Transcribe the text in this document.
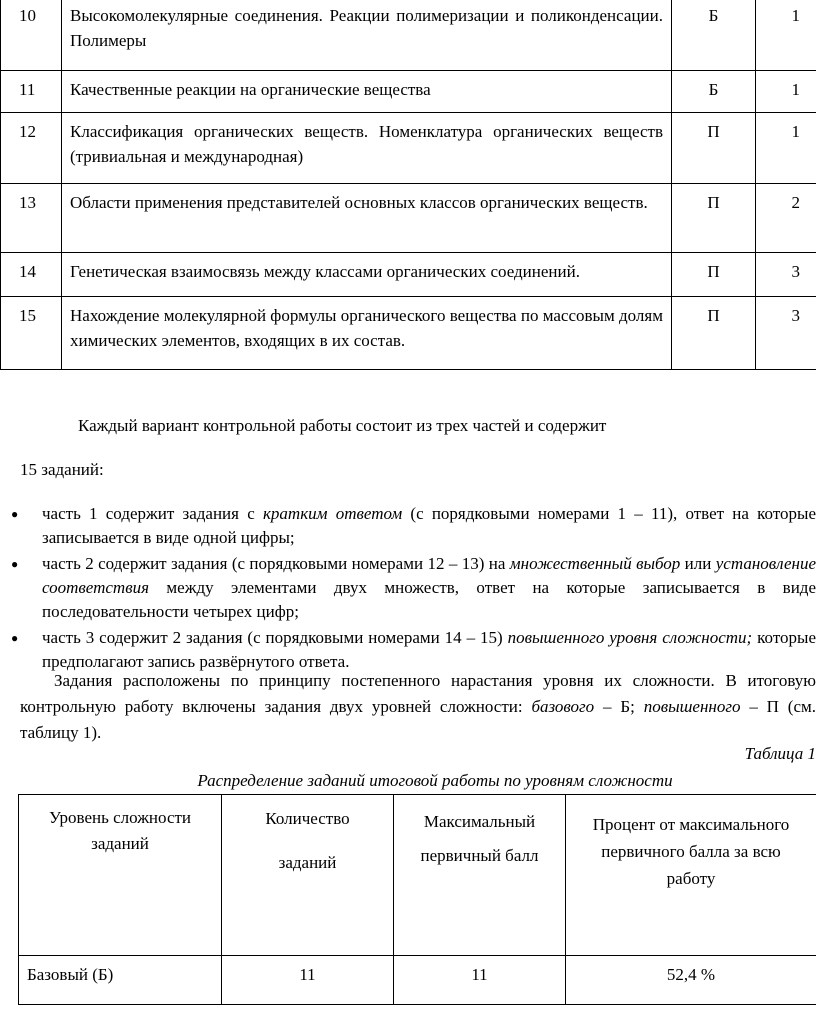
10	Высокомолекулярные соединения. Реакции полимеризации и поликонденсации. Полимеры	Б	1
11	Качественные реакции на органические вещества	Б	1
12	Классификация органических веществ. Номенклатура органических веществ (тривиальная и международная)	П	1
13	Области применения представителей основных классов органических веществ.	П	2
14	Генетическая взаимосвязь между классами органических соединений.	П	3
15	Нахождение молекулярной формулы органического вещества по массовым долям химических элементов, входящих в их состав.	П	3
Каждый вариант контрольной работы состоит из трех частей и содержит
15 заданий:
● часть 1 содержит задания с кратким ответом (с порядковыми номерами 1 – 11), ответ на которые записывается в виде одной цифры;
● часть 2 содержит задания (с порядковыми номерами 12 – 13) на множественный выбор или установление соответствия между элементами двух множеств, ответ на которые записывается в виде последовательности четырех цифр;
● часть 3 содержит 2 задания (с порядковыми номерами 14 – 15) повышенного уровня сложности; которые предполагают запись развёрнутого ответа.
Задания расположены по принципу постепенного нарастания уровня их сложности. В итоговую контрольную работу включены задания двух уровней сложности: базового – Б; повышенного – П (см. таблицу 1).
Таблица 1
Распределение заданий итоговой работы по уровням сложности
Уровень сложности заданий	Количество заданий	Максимальный первичный балл	Процент от максимального первичного балла за всю работу
Базовый (Б)	11	11	52,4 %
